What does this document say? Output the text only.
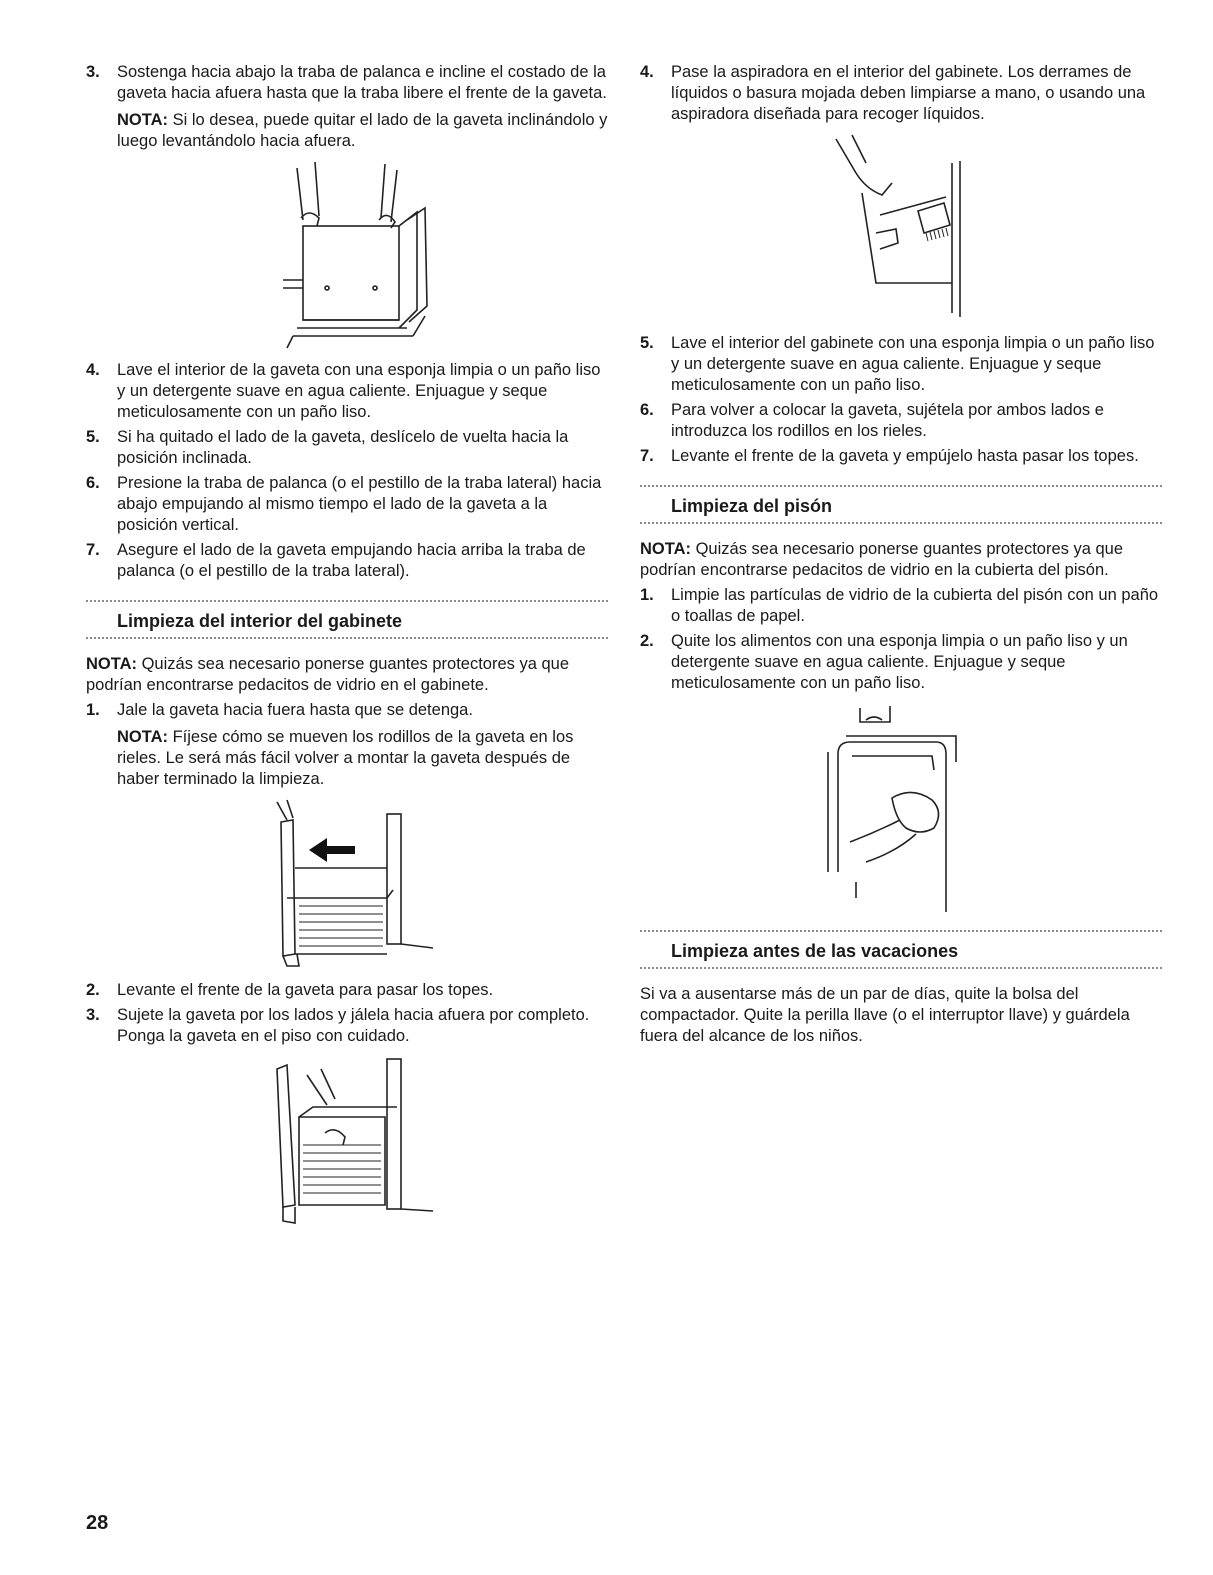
3. Sostenga hacia abajo la traba de palanca e incline el costado de la gaveta hacia afuera hasta que la traba libere el frente de la gaveta.

NOTA: Si lo desea, puede quitar el lado de la gaveta inclinándolo y luego levantándolo hacia afuera.

4. Lave el interior de la gaveta con una esponja limpia o un paño liso y un detergente suave en agua caliente. Enjuague y seque meticulosamente con un paño liso.

5. Si ha quitado el lado de la gaveta, deslícelo de vuelta hacia la posición inclinada.

6. Presione la traba de palanca (o el pestillo de la traba lateral) hacia abajo empujando al mismo tiempo el lado de la gaveta a la posición vertical.

7. Asegure el lado de la gaveta empujando hacia arriba la traba de palanca (o el pestillo de la traba lateral).

Limpieza del interior del gabinete

NOTA: Quizás sea necesario ponerse guantes protectores ya que podrían encontrarse pedacitos de vidrio en el gabinete.

1. Jale la gaveta hacia fuera hasta que se detenga.

NOTA: Fíjese cómo se mueven los rodillos de la gaveta en los rieles. Le será más fácil volver a montar la gaveta después de haber terminado la limpieza.

2. Levante el frente de la gaveta para pasar los topes.

3. Sujete la gaveta por los lados y jálela hacia afuera por completo. Ponga la gaveta en el piso con cuidado.

4. Pase la aspiradora en el interior del gabinete. Los derrames de líquidos o basura mojada deben limpiarse a mano, o usando una aspiradora diseñada para recoger líquidos.

5. Lave el interior del gabinete con una esponja limpia o un paño liso y un detergente suave en agua caliente. Enjuague y seque meticulosamente con un paño liso.

6. Para volver a colocar la gaveta, sujétela por ambos lados e introduzca los rodillos en los rieles.

7. Levante el frente de la gaveta y empújelo hasta pasar los topes.

Limpieza del pisón

NOTA: Quizás sea necesario ponerse guantes protectores ya que podrían encontrarse pedacitos de vidrio en la cubierta del pisón.

1. Limpie las partículas de vidrio de la cubierta del pisón con un paño o toallas de papel.

2. Quite los alimentos con una esponja limpia o un paño liso y un detergente suave en agua caliente. Enjuague y seque meticulosamente con un paño liso.

Limpieza antes de las vacaciones

Si va a ausentarse más de un par de días, quite la bolsa del compactador. Quite la perilla llave (o el interruptor llave) y guárdela fuera del alcance de los niños.

28
